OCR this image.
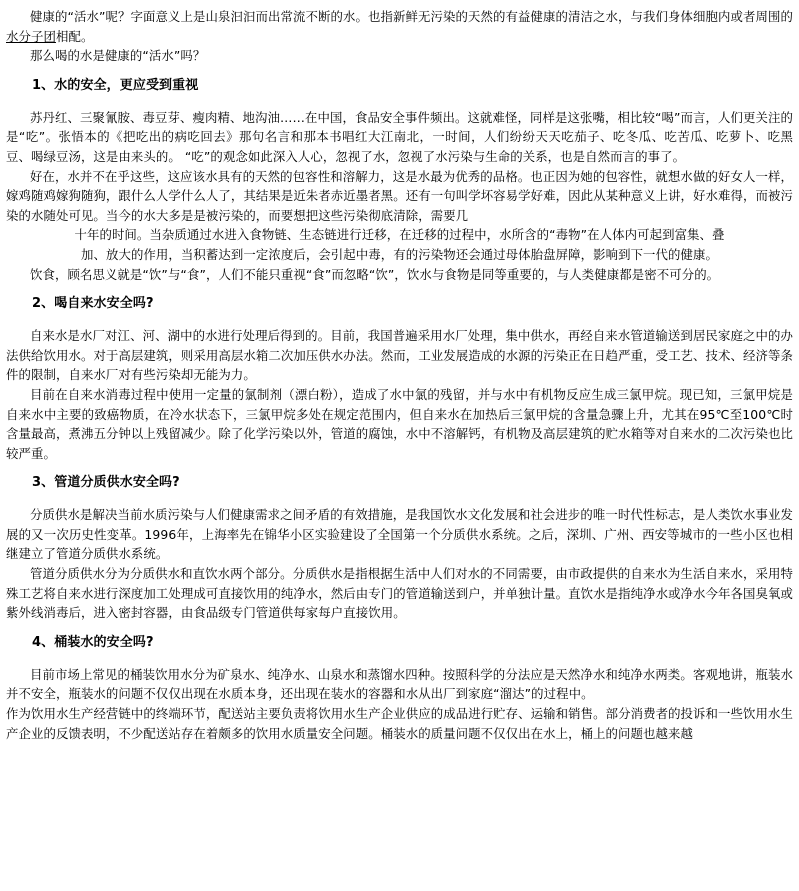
健康的“活水”呢？字面意义上是山泉汩汩而出常流不断的水。也指新鲜无污染的天然的有益健康的清洁之水，与我们身体细胞内或者周围的水分子团相配。

那么喝的水是健康的“活水”吗？

1、水的安全，更应受到重视

苏丹红、三聚氰胺、毒豆芽、瘦肉精、地沟油……在中国，食品安全事件频出。这就难怪，同样是这张嘴，相比较“喝”而言，人们更关注的是“吃”。张悟本的《把吃出的病吃回去》那句名言和那本书唱红大江南北，一时间，人们纷纷天天吃茄子、吃冬瓜、吃苦瓜、吃萝卜、吃黑豆、喝绿豆汤，这是由来头的。 “吃”的观念如此深入人心，忽视了水，忽视了水污染与生命的关系，也是自然而言的事了。

好在，水并不在乎这些，这应该水具有的天然的包容性和溶解力，这是水最为优秀的品格。也正因为她的包容性，就想水做的好女人一样，嫁鸡随鸡嫁狗随狗，跟什么人学什么人了，其结果是近朱者赤近墨者黑。还有一句叫学坏容易学好难，因此从某种意义上讲，好水难得，而被污染的水随处可见。当今的水大多是是被污染的，而要想把这些污染彻底清除，需要几

十年的时间。当杂质通过水进入食物链、生态链进行迁移，在迁移的过程中，水所含的“毒物”在人体内可起到富集、叠

加、放大的作用，当积蓄达到一定浓度后，会引起中毒，有的污染物还会通过母体胎盘屏障，影响到下一代的健康。

饮食，顾名思义就是“饮”与“食”，人们不能只重视“食”而忽略“饮”，饮水与食物是同等重要的，与人类健康都是密不可分的。

2、喝自来水安全吗?

自来水是水厂对江、河、湖中的水进行处理后得到的。目前，我国普遍采用水厂处理，集中供水，再经自来水管道输送到居民家庭之中的办法供给饮用水。对于高层建筑，则采用高层水箱二次加压供水办法。然而，工业发展造成的水源的污染正在日趋严重，受工艺、技术、经济等条件的限制，自来水厂对有些污染却无能为力。

目前在自来水消毒过程中使用一定量的氯制剂（漂白粉），造成了水中氯的残留，并与水中有机物反应生成三氯甲烷。现已知，三氯甲烷是自来水中主要的致癌物质，在冷水状态下，三氯甲烷多处在规定范围内，但自来水在加热后三氯甲烷的含量急骤上升，尤其在95℃至100℃时含量最高，煮沸五分钟以上残留减少。除了化学污染以外，管道的腐蚀，水中不溶解钙，有机物及高层建筑的贮水箱等对自来水的二次污染也比较严重。

3、管道分质供水安全吗?

分质供水是解决当前水质污染与人们健康需求之间矛盾的有效措施，是我国饮水文化发展和社会进步的唯一时代性标志，是人类饮水事业发展的又一次历史性变革。1996年，上海率先在锦华小区实验建设了全国第一个分质供水系统。之后，深圳、广州、西安等城市的一些小区也相继建立了管道分质供水系统。

管道分质供水分为分质供水和直饮水两个部分。分质供水是指根据生活中人们对水的不同需要，由市政提供的自来水为生活自来水，采用特殊工艺将自来水进行深度加工处理成可直接饮用的纯净水，然后由专门的管道输送到户，并单独计量。直饮水是指纯净水或净水今年各国臭氧或紫外线消毒后，进入密封容器，由食品级专门管道供每家每户直接饮用。

4、桶装水的安全吗?

目前市场上常见的桶装饮用水分为矿泉水、纯净水、山泉水和蒸馏水四种。按照科学的分法应是天然净水和纯净水两类。客观地讲，瓶装水并不安全，瓶装水的问题不仅仅出现在水质本身，还出现在装水的容器和水从出厂到家庭“溜达”的过程中。

作为饮用水生产经营链中的终端环节，配送站主要负责将饮用水生产企业供应的成品进行贮存、运输和销售。部分消费者的投诉和一些饮用水生产企业的反馈表明，不少配送站存在着颇多的饮用水质量安全问题。桶装水的质量问题不仅仅出在水上，桶上的问题也越来越
